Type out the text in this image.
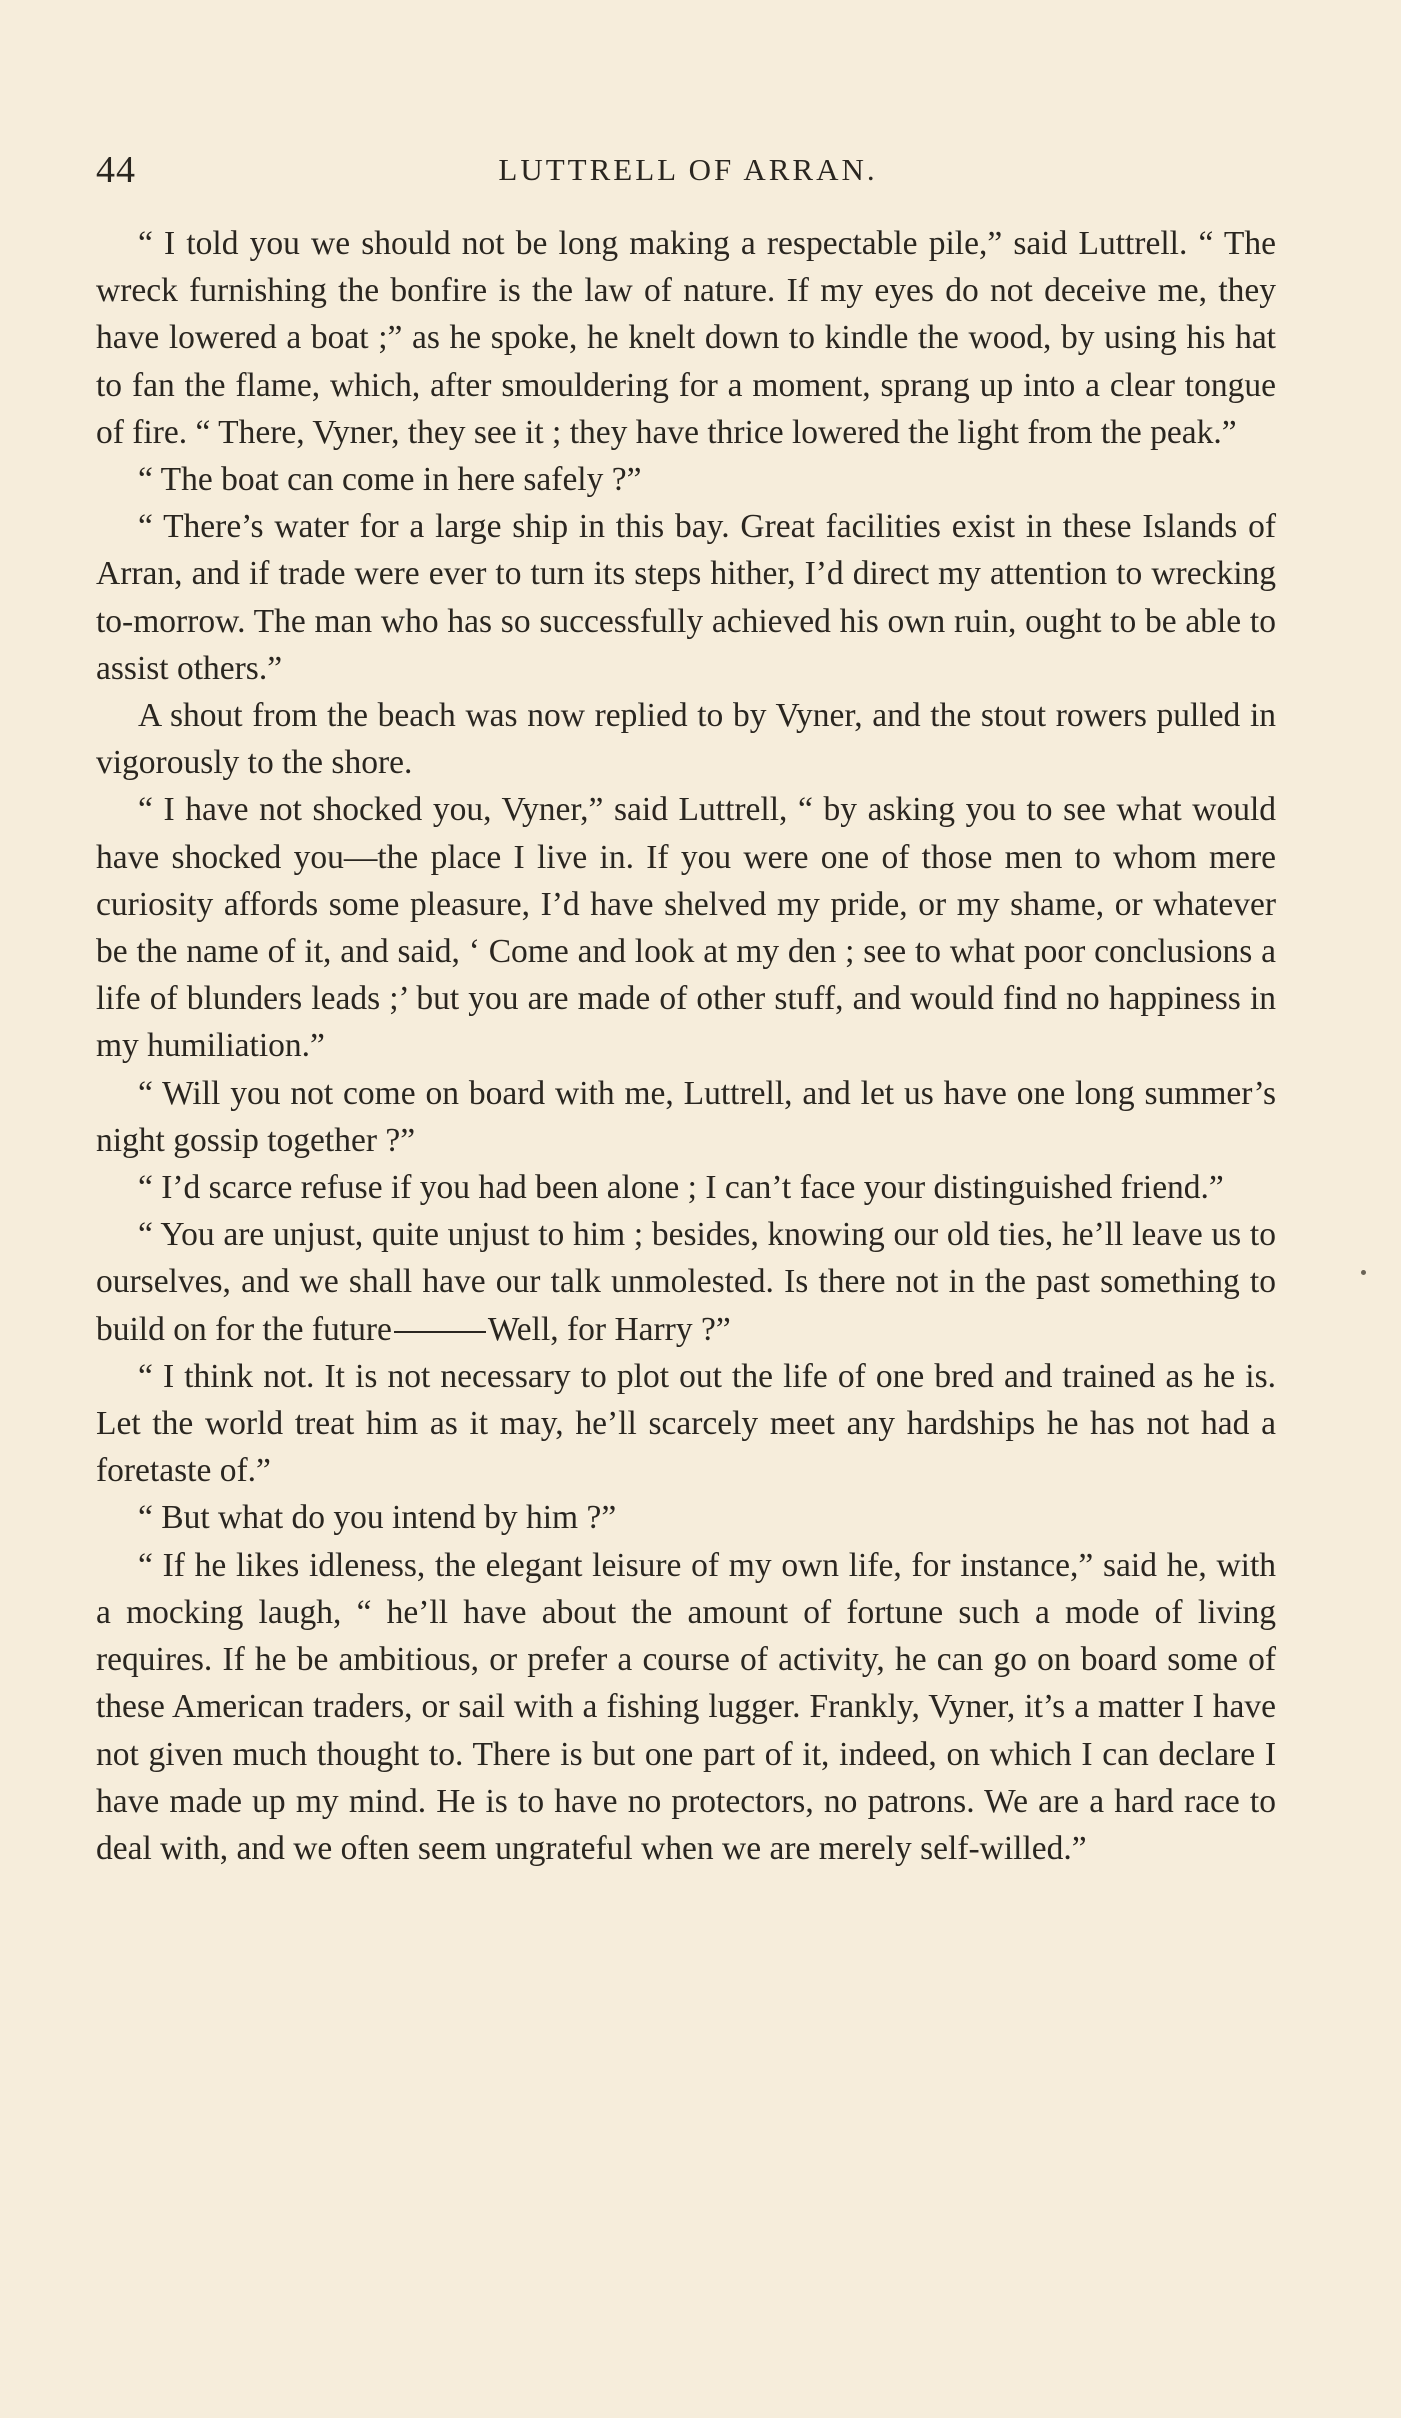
44	LUTTRELL OF ARRAN.

“ I told you we should not be long making a respectable pile,” said Luttrell. “ The wreck furnishing the bonfire is the law of nature. If my eyes do not deceive me, they have lowered a boat ;” as he spoke, he knelt down to kindle the wood, by using his hat to fan the flame, which, after smouldering for a moment, sprang up into a clear tongue of fire. “ There, Vyner, they see it ; they have thrice lowered the light from the peak.”

“ The boat can come in here safely ?”

“ There’s water for a large ship in this bay. Great facilities exist in these Islands of Arran, and if trade were ever to turn its steps hither, I’d direct my attention to wrecking to-morrow. The man who has so successfully achieved his own ruin, ought to be able to assist others.”

A shout from the beach was now replied to by Vyner, and the stout rowers pulled in vigorously to the shore.

“ I have not shocked you, Vyner,” said Luttrell, “ by asking you to see what would have shocked you—the place I live in. If you were one of those men to whom mere curiosity affords some pleasure, I’d have shelved my pride, or my shame, or whatever be the name of it, and said, ‘ Come and look at my den ; see to what poor conclusions a life of blunders leads ;’ but you are made of other stuff, and would find no happiness in my humiliation.”

“ Will you not come on board with me, Luttrell, and let us have one long summer’s night gossip together ?”

“ I’d scarce refuse if you had been alone ; I can’t face your distinguished friend.”

“ You are unjust, quite unjust to him ; besides, knowing our old ties, he’ll leave us to ourselves, and we shall have our talk unmolested. Is there not in the past something to build on for the future	Well, for Harry ?”

“ I think not. It is not necessary to plot out the life of one bred and trained as he is. Let the world treat him as it may, he’ll scarcely meet any hardships he has not had a foretaste of.”

“ But what do you intend by him ?”

“ If he likes idleness, the elegant leisure of my own life, for instance,” said he, with a mocking laugh, “ he’ll have about the amount of fortune such a mode of living requires. If he be ambitious, or prefer a course of activity, he can go on board some of these American traders, or sail with a fishing lugger. Frankly, Vyner, it’s a matter I have not given much thought to. There is but one part of it, indeed, on which I can declare I have made up my mind. He is to have no protectors, no patrons. We are a hard race to deal with, and we often seem ungrateful when we are merely self-willed.”
